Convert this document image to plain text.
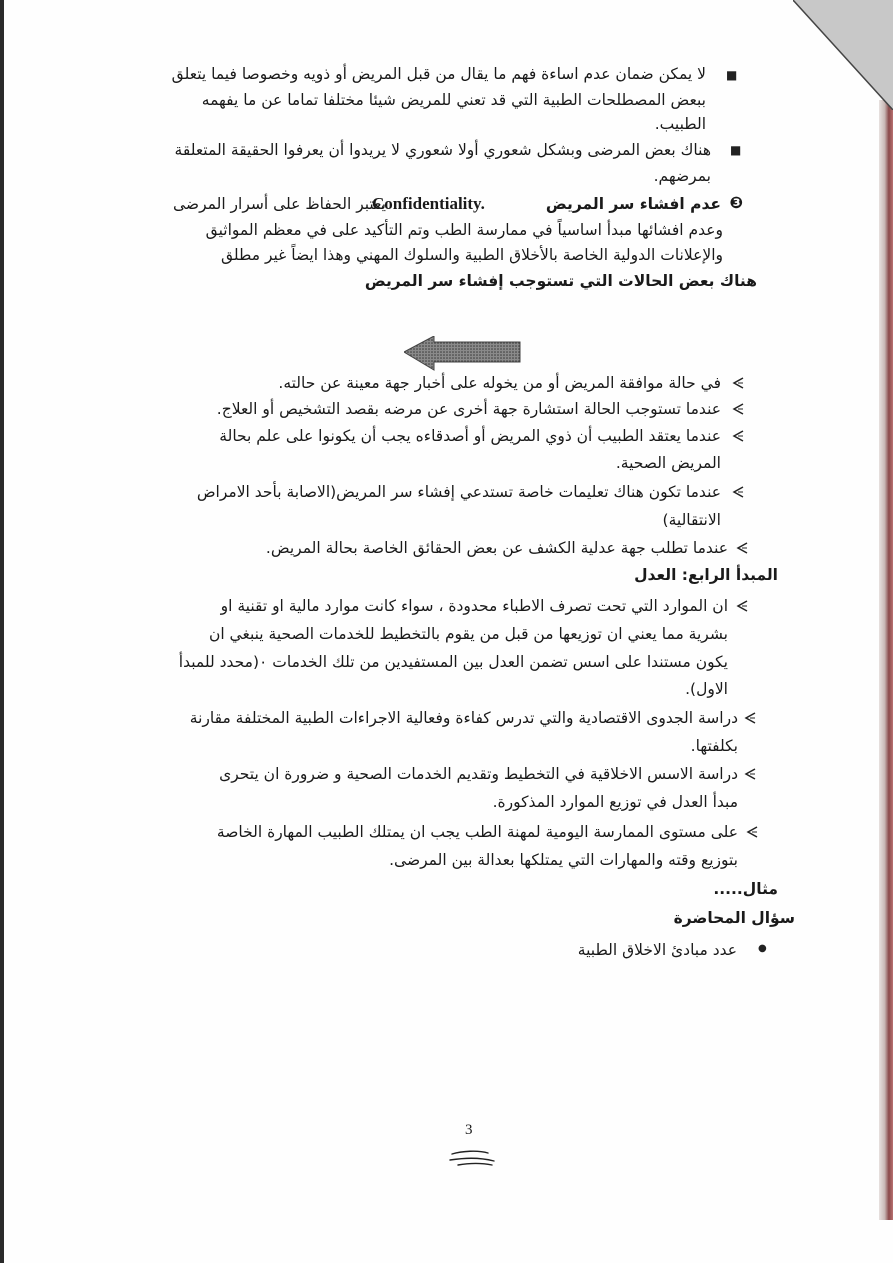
■
لا يمكن ضمان عدم اساءة فهم ما يقال من قبل المريض أو ذويه وخصوصا فيما يتعلق
ببعض المصطلحات الطبية التي قد تعني للمريض شيئا مختلفا تماما عن ما يفهمه
الطبيب.
■
هناك بعض المرضى وبشكل شعوري أولا شعوري لا يريدوا أن يعرفوا الحقيقة المتعلقة
بمرضهم.
❸
عدم افشاء سر المريض
Confidentiality.
يعتبر الحفاظ على أسرار المرضى
وعدم افشائها مبدأ اساسياً في ممارسة الطب وتم التأكيد على في معظم المواثيق
والإعلانات الدولية الخاصة بالأخلاق الطبية والسلوك المهني وهذا ايضاً غير مطلق
هناك بعض الحالات التي تستوجب إفشاء سر المريض
في حالة موافقة المريض أو من يخوله على أخبار جهة معينة عن حالته.
عندما تستوجب الحالة استشارة جهة أخرى عن مرضه بقصد التشخيص أو العلاج.
عندما يعتقد الطبيب أن ذوي المريض أو أصدقاءه يجب أن يكونوا على علم بحالة
المريض الصحية.
عندما تكون هناك تعليمات خاصة تستدعي إفشاء سر المريض(الاصابة بأحد الامراض
الانتقالية)
عندما تطلب جهة عدلية الكشف عن بعض الحقائق الخاصة بحالة المريض.
المبدأ الرابع: العدل
ان الموارد التي تحت تصرف الاطباء محدودة ، سواء كانت موارد مالية او تقنية او
بشرية مما يعني ان توزيعها من قبل من يقوم بالتخطيط للخدمات الصحية ينبغي ان
يكون مستندا على اسس تضمن العدل بين المستفيدين من تلك الخدمات ٠(محدد للمبدأ
الاول).
دراسة الجدوى الاقتصادية والتي تدرس كفاءة وفعالية الاجراءات الطبية المختلفة مقارنة
بكلفتها.
دراسة الاسس الاخلاقية في التخطيط وتقديم الخدمات الصحية و ضرورة ان يتحرى
مبدأ العدل في توزيع الموارد المذكورة.
على مستوى الممارسة اليومية لمهنة الطب يجب ان يمتلك الطبيب المهارة الخاصة
بتوزيع وقته والمهارات التي يمتلكها بعدالة بين المرضى.
مثال.....
سؤال المحاضرة
●
عدد مبادئ الاخلاق الطبية
3
